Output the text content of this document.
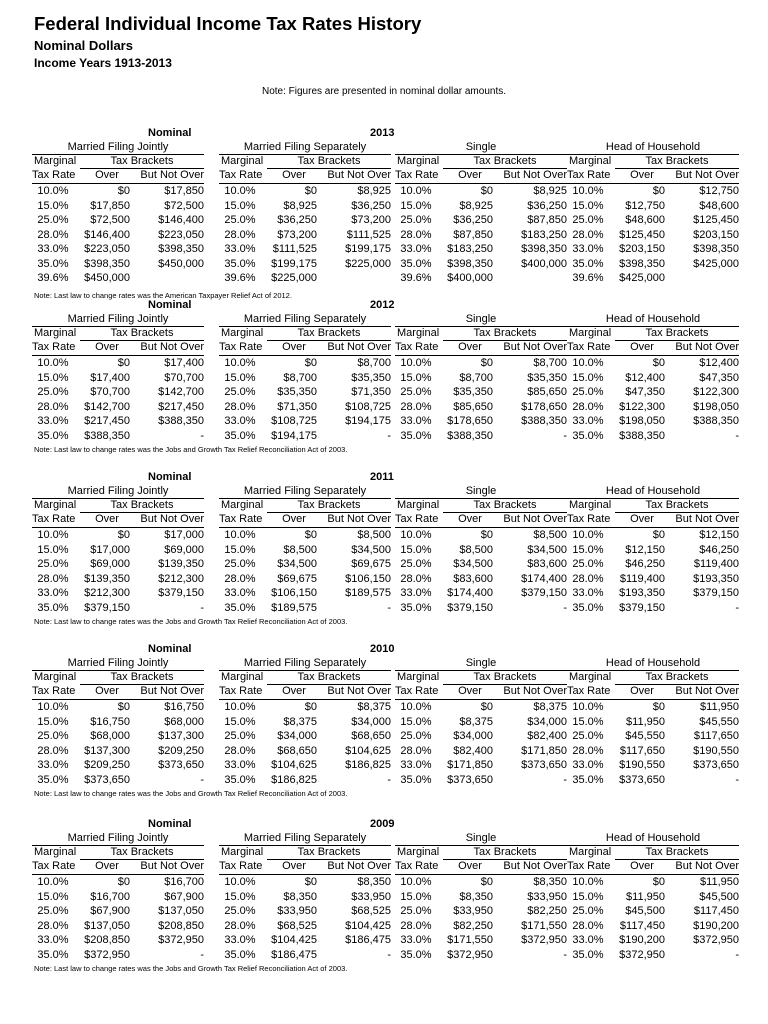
Federal Individual Income Tax Rates History
Nominal Dollars
Income Years 1913-2013
Note: Figures are presented in nominal dollar amounts.
Nominal	2013
Married Filing Jointly
Tax Brackets
Marginal
Tax Rate	Over	But Not Over
10.0%	$0	$17,850
15.0%	$17,850	$72,500
25.0%	$72,500	$146,400
28.0%	$146,400	$223,050
33.0%	$223,050	$398,350
35.0%	$398,350	$450,000
39.6%	$450,000
Married Filing Separately
Tax Brackets
Marginal
Tax Rate	Over	But Not Over
10.0%	$0	$8,925
15.0%	$8,925	$36,250
25.0%	$36,250	$73,200
28.0%	$73,200	$111,525
33.0%	$111,525	$199,175
35.0%	$199,175	$225,000
39.6%	$225,000
Single
Tax Brackets
Marginal
Tax Rate	Over	But Not Over
10.0%	$0	$8,925
15.0%	$8,925	$36,250
25.0%	$36,250	$87,850
28.0%	$87,850	$183,250
33.0%	$183,250	$398,350
35.0%	$398,350	$400,000
39.6%	$400,000
Head of Household
Tax Brackets
Marginal
Tax Rate	Over	But Not Over
10.0%	$0	$12,750
15.0%	$12,750	$48,600
25.0%	$48,600	$125,450
28.0%	$125,450	$203,150
33.0%	$203,150	$398,350
35.0%	$398,350	$425,000
39.6%	$425,000
Note: Last law to change rates was the American Taxpayer Relief Act of 2012.
Nominal	2012
Married Filing Jointly
Tax Brackets
Marginal
Tax Rate	Over	But Not Over
10.0%	$0	$17,400
15.0%	$17,400	$70,700
25.0%	$70,700	$142,700
28.0%	$142,700	$217,450
33.0%	$217,450	$388,350
35.0%	$388,350	-
Married Filing Separately
Tax Brackets
Marginal
Tax Rate	Over	But Not Over
10.0%	$0	$8,700
15.0%	$8,700	$35,350
25.0%	$35,350	$71,350
28.0%	$71,350	$108,725
33.0%	$108,725	$194,175
35.0%	$194,175	-
Single
Tax Brackets
Marginal
Tax Rate	Over	But Not Over
10.0%	$0	$8,700
15.0%	$8,700	$35,350
25.0%	$35,350	$85,650
28.0%	$85,650	$178,650
33.0%	$178,650	$388,350
35.0%	$388,350	-
Head of Household
Tax Brackets
Marginal
Tax Rate	Over	But Not Over
10.0%	$0	$12,400
15.0%	$12,400	$47,350
25.0%	$47,350	$122,300
28.0%	$122,300	$198,050
33.0%	$198,050	$388,350
35.0%	$388,350	-
Note: Last law to change rates was the Jobs and Growth Tax Relief Reconciliation Act of 2003.
Nominal	2011
Married Filing Jointly
Tax Brackets
Marginal
Tax Rate	Over	But Not Over
10.0%	$0	$17,000
15.0%	$17,000	$69,000
25.0%	$69,000	$139,350
28.0%	$139,350	$212,300
33.0%	$212,300	$379,150
35.0%	$379,150	-
Married Filing Separately
Tax Brackets
Marginal
Tax Rate	Over	But Not Over
10.0%	$0	$8,500
15.0%	$8,500	$34,500
25.0%	$34,500	$69,675
28.0%	$69,675	$106,150
33.0%	$106,150	$189,575
35.0%	$189,575	-
Single
Tax Brackets
Marginal
Tax Rate	Over	But Not Over
10.0%	$0	$8,500
15.0%	$8,500	$34,500
25.0%	$34,500	$83,600
28.0%	$83,600	$174,400
33.0%	$174,400	$379,150
35.0%	$379,150	-
Head of Household
Tax Brackets
Marginal
Tax Rate	Over	But Not Over
10.0%	$0	$12,150
15.0%	$12,150	$46,250
25.0%	$46,250	$119,400
28.0%	$119,400	$193,350
33.0%	$193,350	$379,150
35.0%	$379,150	-
Note: Last law to change rates was the Jobs and Growth Tax Relief Reconciliation Act of 2003.
Nominal	2010
Married Filing Jointly
Tax Brackets
Marginal
Tax Rate	Over	But Not Over
10.0%	$0	$16,750
15.0%	$16,750	$68,000
25.0%	$68,000	$137,300
28.0%	$137,300	$209,250
33.0%	$209,250	$373,650
35.0%	$373,650	-
Married Filing Separately
Tax Brackets
Marginal
Tax Rate	Over	But Not Over
10.0%	$0	$8,375
15.0%	$8,375	$34,000
25.0%	$34,000	$68,650
28.0%	$68,650	$104,625
33.0%	$104,625	$186,825
35.0%	$186,825	-
Single
Tax Brackets
Marginal
Tax Rate	Over	But Not Over
10.0%	$0	$8,375
15.0%	$8,375	$34,000
25.0%	$34,000	$82,400
28.0%	$82,400	$171,850
33.0%	$171,850	$373,650
35.0%	$373,650	-
Head of Household
Tax Brackets
Marginal
Tax Rate	Over	But Not Over
10.0%	$0	$11,950
15.0%	$11,950	$45,550
25.0%	$45,550	$117,650
28.0%	$117,650	$190,550
33.0%	$190,550	$373,650
35.0%	$373,650	-
Note: Last law to change rates was the Jobs and Growth Tax Relief Reconciliation Act of 2003.
Nominal	2009
Married Filing Jointly
Tax Brackets
Marginal
Tax Rate	Over	But Not Over
10.0%	$0	$16,700
15.0%	$16,700	$67,900
25.0%	$67,900	$137,050
28.0%	$137,050	$208,850
33.0%	$208,850	$372,950
35.0%	$372,950	-
Married Filing Separately
Tax Brackets
Marginal
Tax Rate	Over	But Not Over
10.0%	$0	$8,350
15.0%	$8,350	$33,950
25.0%	$33,950	$68,525
28.0%	$68,525	$104,425
33.0%	$104,425	$186,475
35.0%	$186,475	-
Single
Tax Brackets
Marginal
Tax Rate	Over	But Not Over
10.0%	$0	$8,350
15.0%	$8,350	$33,950
25.0%	$33,950	$82,250
28.0%	$82,250	$171,550
33.0%	$171,550	$372,950
35.0%	$372,950	-
Head of Household
Tax Brackets
Marginal
Tax Rate	Over	But Not Over
10.0%	$0	$11,950
15.0%	$11,950	$45,500
25.0%	$45,500	$117,450
28.0%	$117,450	$190,200
33.0%	$190,200	$372,950
35.0%	$372,950	-
Note: Last law to change rates was the Jobs and Growth Tax Relief Reconciliation Act of 2003.
